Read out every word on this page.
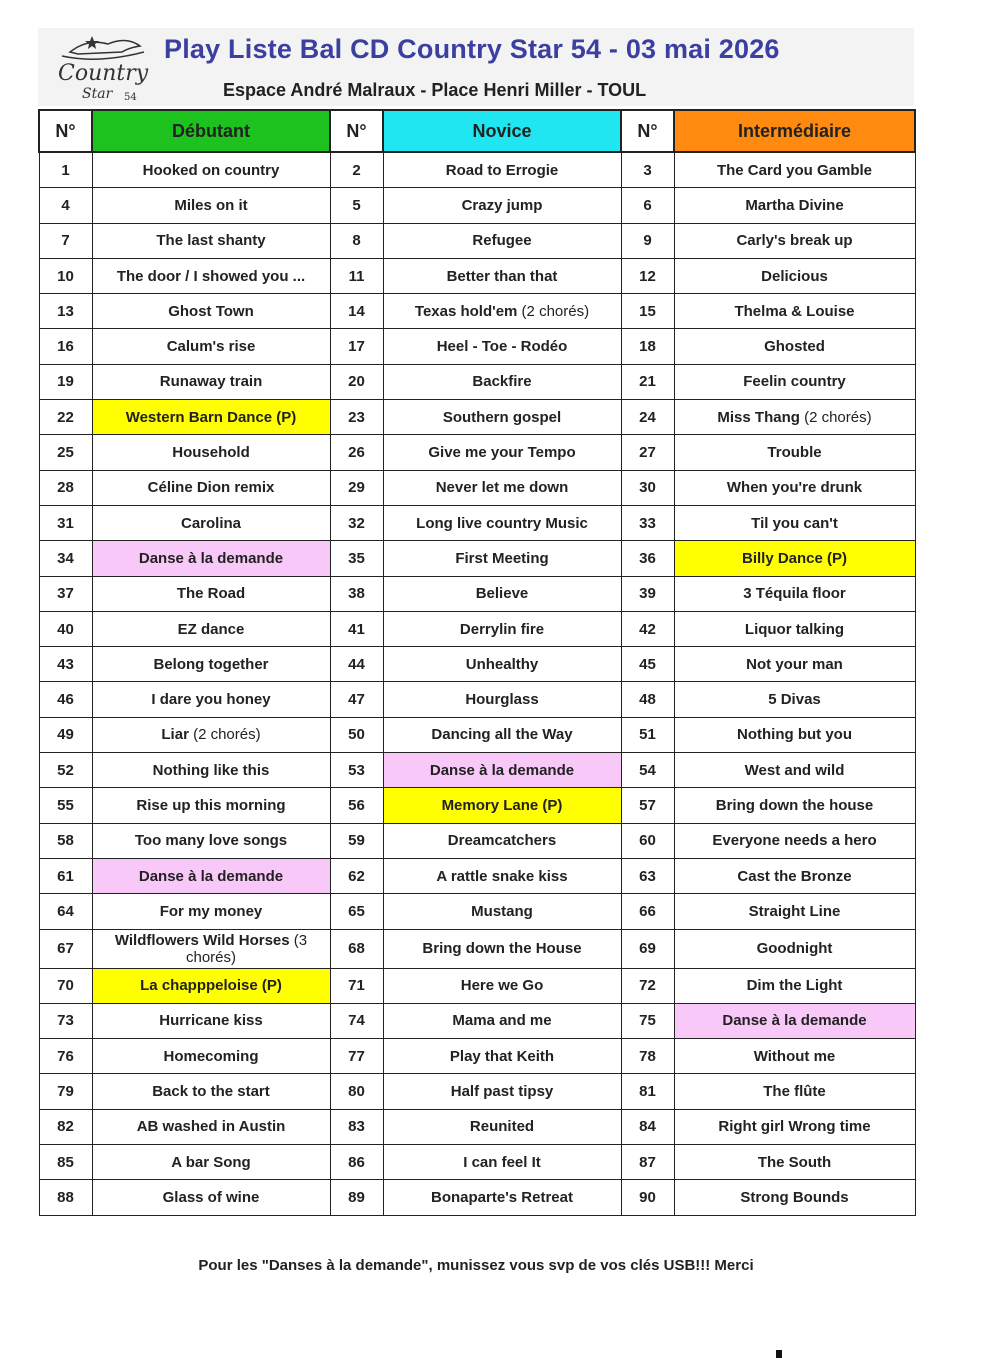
Country
Star 54
Play Liste Bal CD Country Star 54 - 03 mai 2026
Espace André Malraux - Place Henri Miller - TOUL
N°	Débutant	N°	Novice	N°	Intermédiaire
1	Hooked on country	2	Road to Errogie	3	The Card you Gamble
4	Miles on it	5	Crazy jump	6	Martha Divine
7	The last shanty	8	Refugee	9	Carly's break up
10	The door / I showed you ...	11	Better than that	12	Delicious
13	Ghost Town	14	Texas hold'em (2 chorés)	15	Thelma & Louise
16	Calum's rise	17	Heel - Toe - Rodéo	18	Ghosted
19	Runaway train	20	Backfire	21	Feelin country
22	Western Barn Dance (P)	23	Southern gospel	24	Miss Thang (2 chorés)
25	Household	26	Give me your Tempo	27	Trouble
28	Céline Dion remix	29	Never let me down	30	When you're drunk
31	Carolina	32	Long live country Music	33	Til you can't
34	Danse à la demande	35	First Meeting	36	Billy Dance (P)
37	The Road	38	Believe	39	3 Téquila floor
40	EZ dance	41	Derrylin fire	42	Liquor talking
43	Belong together	44	Unhealthy	45	Not your man
46	I dare you honey	47	Hourglass	48	5 Divas
49	Liar (2 chorés)	50	Dancing all the Way	51	Nothing but you
52	Nothing like this	53	Danse à la demande	54	West and wild
55	Rise up this morning	56	Memory Lane (P)	57	Bring down the house
58	Too many love songs	59	Dreamcatchers	60	Everyone needs a hero
61	Danse à la demande	62	A rattle snake kiss	63	Cast the Bronze
64	For my money	65	Mustang	66	Straight Line
67	Wildflowers Wild Horses (3 chorés)	68	Bring down the House	69	Goodnight
70	La chapppeloise (P)	71	Here we Go	72	Dim the Light
73	Hurricane kiss	74	Mama and me	75	Danse à la demande
76	Homecoming	77	Play that Keith	78	Without me
79	Back to the start	80	Half past tipsy	81	The flûte
82	AB washed in Austin	83	Reunited	84	Right girl Wrong time
85	A bar Song	86	I can feel It	87	The South
88	Glass of wine	89	Bonaparte's Retreat	90	Strong Bounds
Pour les "Danses à la demande", munissez vous svp de vos clés USB!!! Merci
